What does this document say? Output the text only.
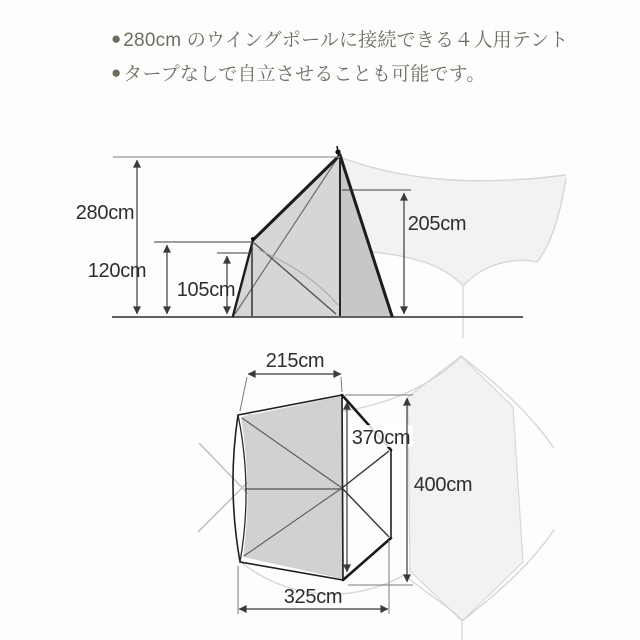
● 280cm のウイングポールに接続できる４人用テント
● タープなしで自立させることも可能です。
280cm
120cm
105cm
205cm
215cm
370cm
400cm
325cm
